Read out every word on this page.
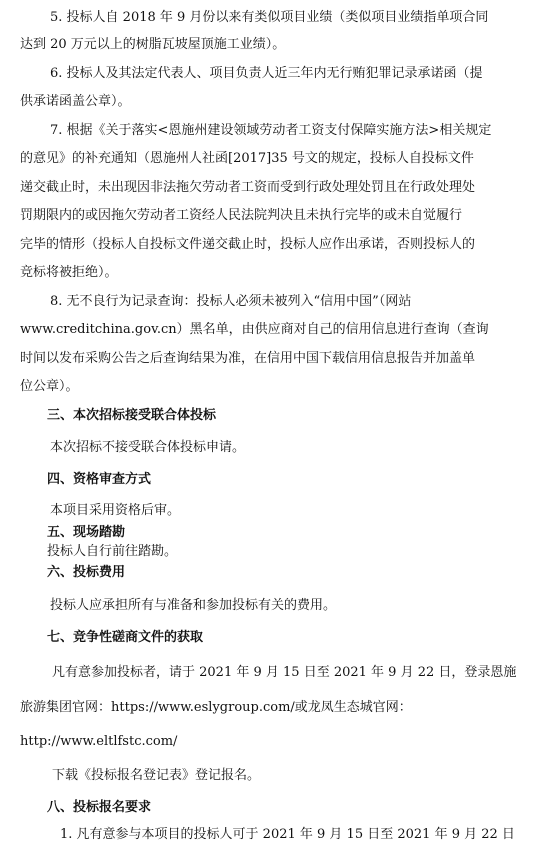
5. 投标人自 2018 年 9 月份以来有类似项目业绩（类似项目业绩指单项合同
达到 20 万元以上的树脂瓦坡屋顶施工业绩）。
6. 投标人及其法定代表人、项目负责人近三年内无行贿犯罪记录承诺函（提
供承诺函盖公章）。
7. 根据《关于落实<恩施州建设领域劳动者工资支付保障实施方法>相关规定
的意见》的补充通知（恩施州人社函[2017]35 号文的规定，投标人自投标文件
递交截止时，未出现因非法拖欠劳动者工资而受到行政处理处罚且在行政处理处
罚期限内的或因拖欠劳动者工资经人民法院判决且未执行完毕的或未自觉履行
完毕的情形（投标人自投标文件递交截止时，投标人应作出承诺，否则投标人的
竞标将被拒绝）。
8. 无不良行为记录查询：投标人必须未被列入“信用中国”（网站
www.creditchina.gov.cn）黑名单，由供应商对自己的信用信息进行查询（查询
时间以发布采购公告之后查询结果为准，在信用中国下载信用信息报告并加盖单
位公章）。
三、本次招标接受联合体投标
本次招标不接受联合体投标申请。
四、资格审查方式
本项目采用资格后审。
五、现场踏勘
投标人自行前往踏勘。
六、投标费用
投标人应承担所有与准备和参加投标有关的费用。
七、竞争性磋商文件的获取
凡有意参加投标者，请于 2021 年 9 月 15 日至 2021 年 9 月 22 日，登录恩施
旅游集团官网：https://www.eslygroup.com/或龙凤生态城官网：
http://www.eltlfstc.com/
下载《投标报名登记表》登记报名。
八、投标报名要求
1. 凡有意参与本项目的投标人可于 2021 年 9 月 15 日至 2021 年 9 月 22 日
